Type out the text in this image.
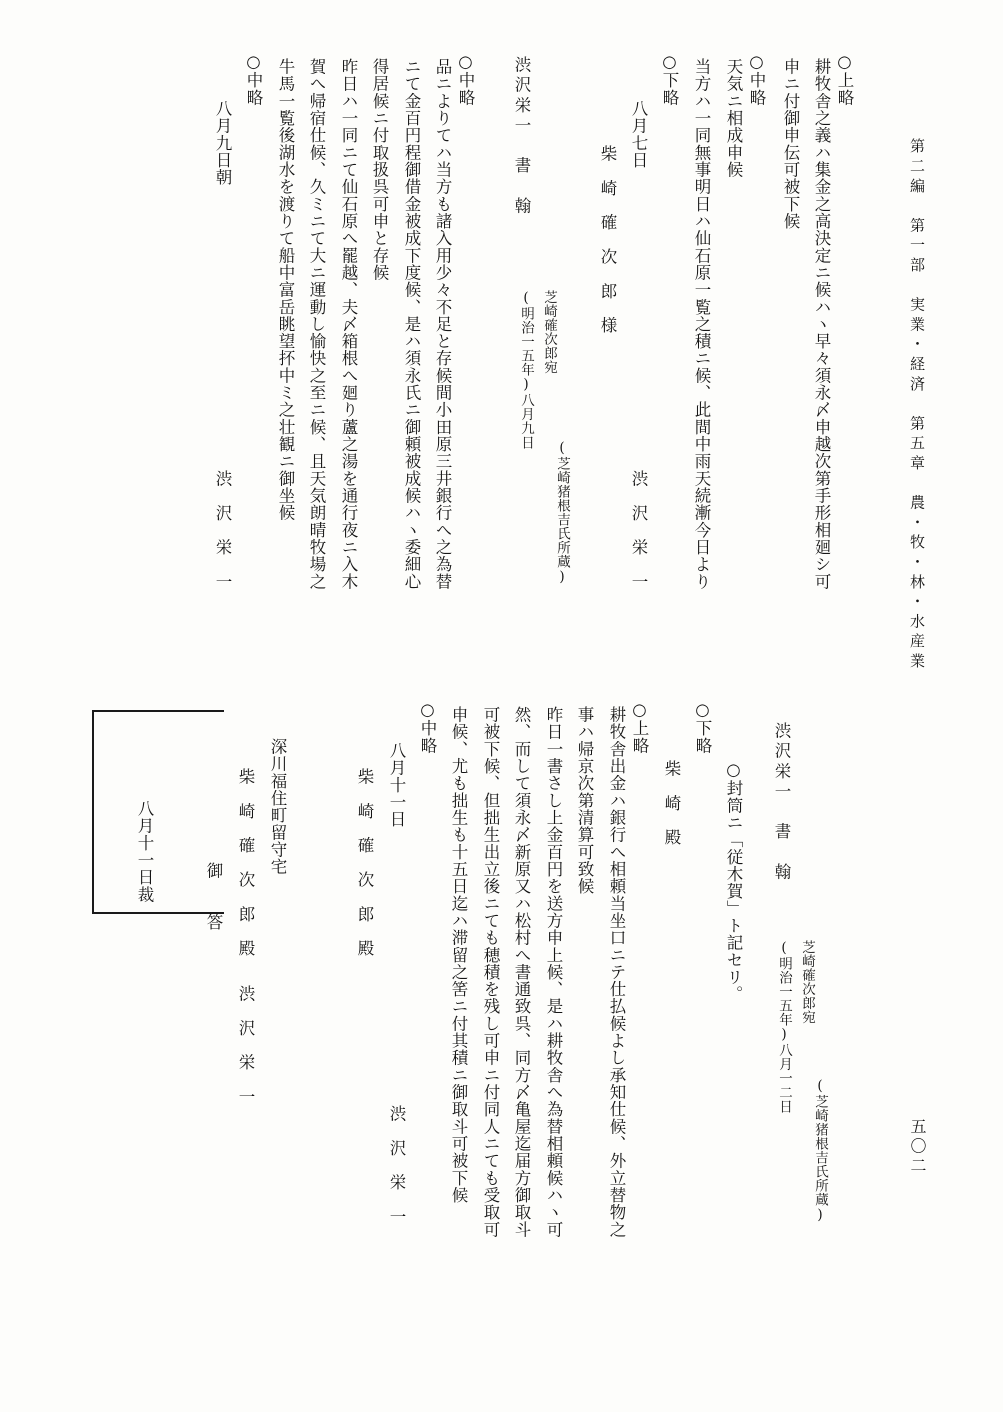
第二編　第一部　実業・経済　第五章　農・牧・林・水産業
五〇二
○上略
耕牧舎之義ハ集金之高決定ニ候ハヽ早々須永〆申越次第手形相廻シ可
申ニ付御申伝可被下候
○中略
天気ニ相成申候
当方ハ一同無事明日ハ仙石原一覧之積ニ候、此間中雨天続漸今日より
○下略
八月七日
渋　沢　栄　一
柴　崎　確　次　郎　様
渋沢栄一　書　翰
芝崎確次郎宛
(明治一五年)八月九日
(芝崎猪根吉氏所蔵)
○中略
品ニよりてハ当方も諸入用少々不足と存候間小田原三井銀行へ之為替
ニて金百円程御借金被成下度候、是ハ須永氏ニ御頼被成候ハヽ委細心
得居候ニ付取扱呉可申と存候
昨日ハ一同ニて仙石原へ罷越、夫〆箱根へ廻り蘆之湯を通行夜ニ入木
賀へ帰宿仕候、久ミニて大ニ運動し愉快之至ニ候、且天気朗晴牧場之
牛馬一覧後湖水を渡りて船中富岳眺望抔中ミ之壮観ニ御坐候
○中略
八月九日朝
渋　沢　栄　一
渋沢栄一　書　翰
芝崎確次郎宛
(明治一五年)八月一二日
(芝崎猪根吉氏所蔵)
○封筒ニ「従木賀」ト記セリ。
柴　崎　殿
○下略
○上略
耕牧舎出金ハ銀行へ相頼当坐口ニテ仕払候よし承知仕候、外立替物之
事ハ帰京次第清算可致候
昨日一書さし上金百円を送方申上候、是ハ耕牧舎へ為替相頼候ハヽ可
然、而して須永〆新原又ハ松村へ書通致呉、同方〆亀屋迄届方御取斗
可被下候、但拙生出立後ニても穂積を残し可申ニ付同人ニても受取可
申候、尤も拙生も十五日迄ハ滞留之筈ニ付其積ニ御取斗可被下候
○中略
八月十一日
渋　沢　栄　一
柴　崎　確　次　郎　殿
深川福住町留守宅
柴　崎　確　次　郎　殿
御　　答
渋　沢　栄　一
八月十一日裁
